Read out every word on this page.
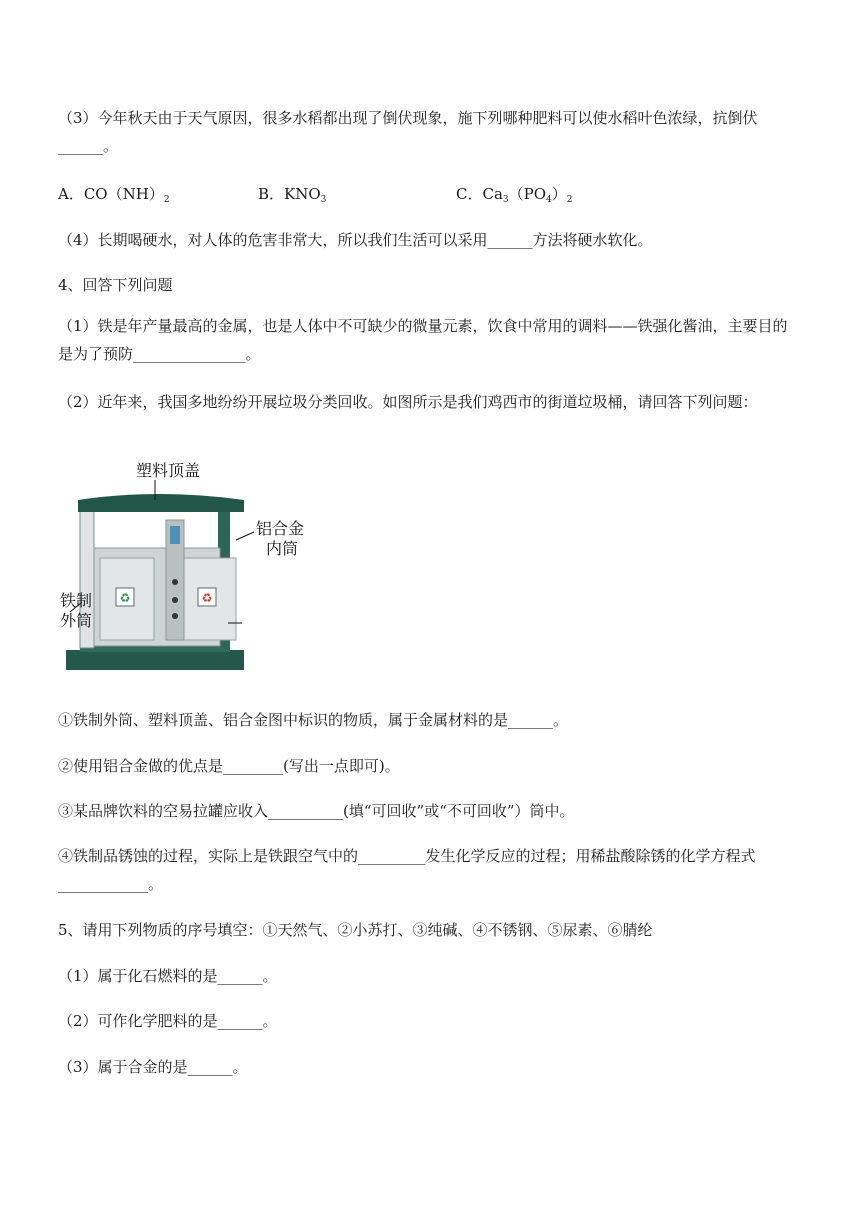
（3）今年秋天由于天气原因，很多水稻都出现了倒伏现象，施下列哪种肥料可以使水稻叶色浓绿，抗倒伏______。
A．$CO(NH)_2$	B．$KNO_3$	C．$Ca_3(PO_4)_2$
（4）长期喝硬水，对人体的危害非常大，所以我们生活可以采用______方法将硬水软化。
4、回答下列问题
（1）铁是年产量最高的金属，也是人体中不可缺少的微量元素，饮食中常用的调料——铁强化酱油，主要目的是为了预防_______________。
（2）近年来，我国多地纷纷开展垃圾分类回收。如图所示是我们鸡西市的街道垃圾桶，请回答下列问题：
♻	♻
塑料顶盖
铝合金
内筒
铁制
外筒
①铁制外筒、塑料顶盖、铝合金图中标识的物质，属于金属材料的是______。
②使用铝合金做的优点是________(写出一点即可)。
③某品牌饮料的空易拉罐应收入__________(填“可回收”或“不可回收”）筒中。
④铁制品锈蚀的过程，实际上是铁跟空气中的_________发生化学反应的过程；用稀盐酸除锈的化学方程式____________。
5、请用下列物质的序号填空：①天然气、②小苏打、③纯碱、④不锈钢、⑤尿素、⑥腈纶
（1）属于化石燃料的是______。
（2）可作化学肥料的是______。
（3）属于合金的是______。
